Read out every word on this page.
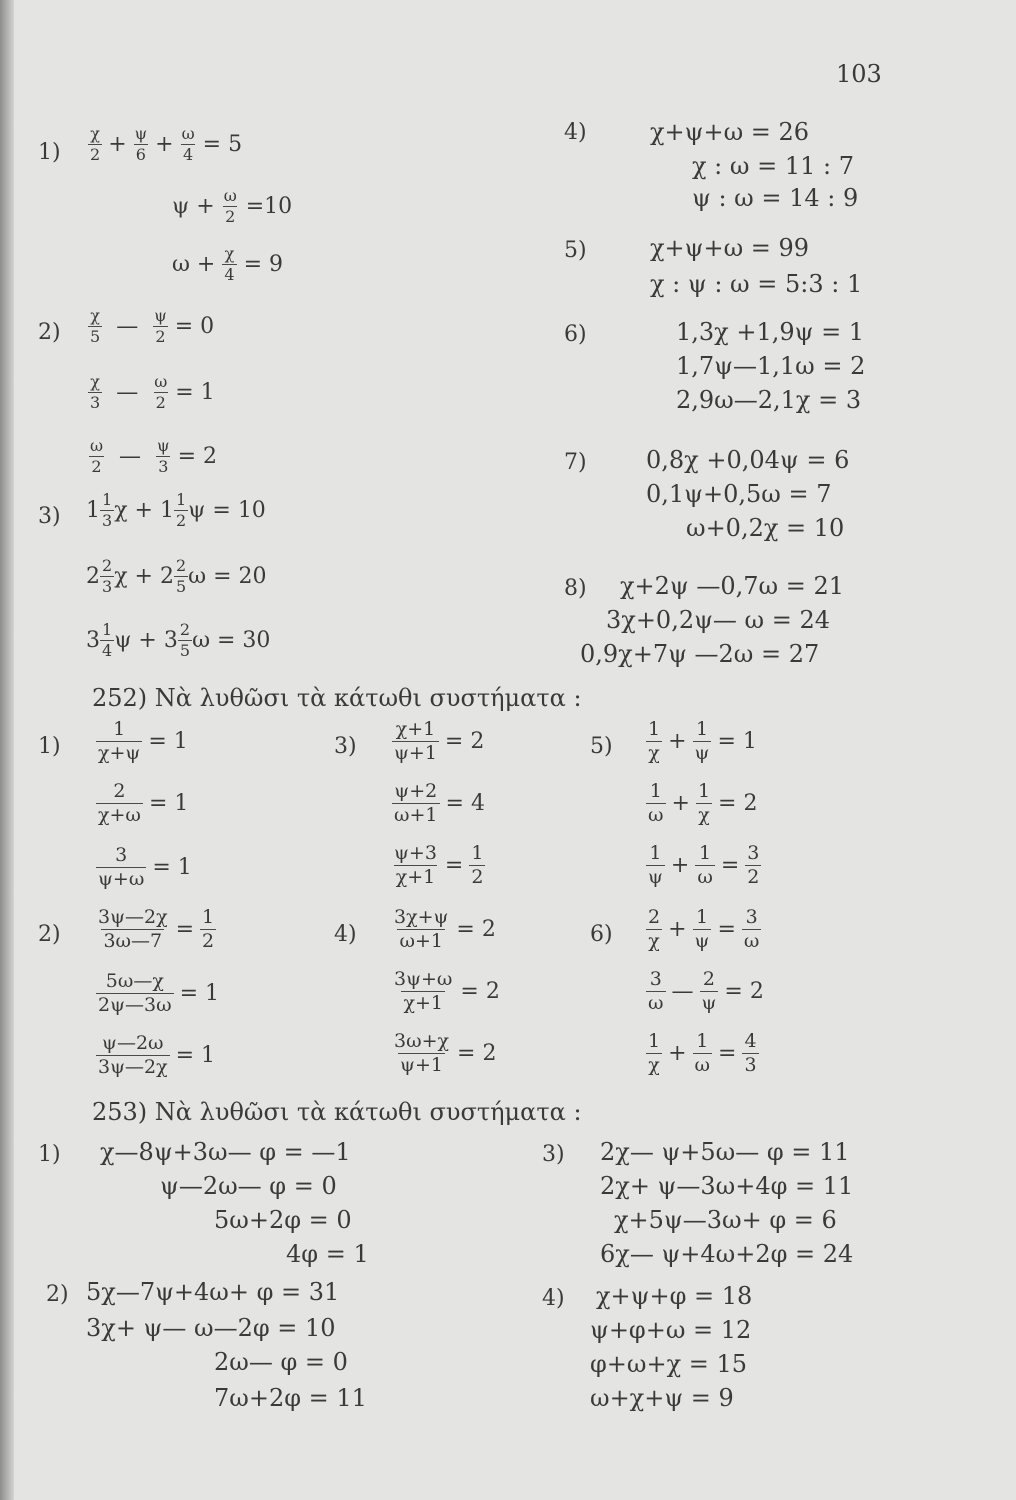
103
$1) \frac{\chi}{2} + \frac{\psi}{6} + \frac{\omega}{4} = 5$
ψ +
$\frac{\omega}{2}$
=10
ω +
$\frac{\chi}{4}$
= 9
$2) \frac{\chi}{5}$ — $\frac{\psi}{2} = 0$
$\frac{\chi}{3}$ — $\frac{\omega}{2} = 1$
$\frac{\omega}{2}$ — $\frac{\psi}{3} = 2$
3) $1 \frac{1}{3}$ χ +
$1 \frac{1}{2}$ ψ = 10
$2 \frac{2}{3}$ χ +
$2 \frac{2}{5}$ ω = 20
$3 \frac{1}{4}$ ψ +
$3 \frac{2}{5}$ ω = 30
4)	χ+ψ+ω = 26
χ : ω = 11 : 7
ψ : ω = 14 : 9
5)	χ+ψ+ω = 99
χ : ψ : ω = 5:3 : 1
6)	1,3χ +1,9ψ = 1
1,7ψ—1,1ω = 2
2,9ω—2,1χ = 3
7) 0,8χ +0,04ψ = 6
0,1ψ+0,5ω = 7
ω+0,2χ = 10
8) χ+2ψ —0,7ω = 21
3χ+0,2ψ— ω = 24
0,9χ+7ψ —2ω = 27
252) Νὰ λυθῶσι τὰ κάτωθι συστήματα :
$1) \frac{1}{\chi+\psi} = 1$
$\frac{2}{\chi+\omega} = 1$
$\frac{3}{\psi+\omega} = 1$
$2) \frac{3\psi—2\chi}{3\omega—7} = \frac{1}{2}$
$\frac{5\omega—\chi}{2\psi—3\omega} = 1$
$\frac{\psi—2\omega}{3\psi—2\chi} = 1$
$3) \frac{\chi+1}{\psi+1} = 2$
$\frac{\psi+2}{\omega+1} = 4$
$\frac{\psi+3}{\chi+1} = \frac{1}{2}$
$4) \frac{3\chi+\psi}{\omega+1} = 2$
$\frac{3\psi+\omega}{\chi+1} = 2$
$\frac{3\omega+\chi}{\psi+1} = 2$
$5) \frac{1}{\chi} + \frac{1}{\psi} = 1$
$\frac{1}{\omega} + \frac{1}{\chi} = 2$
$\frac{1}{\psi} + \frac{1}{\omega} = \frac{3}{2}$
$6) \frac{2}{\chi} + \frac{1}{\psi} = \frac{3}{\omega}$
$\frac{3}{\omega}$ — $\frac{2}{\psi} = 2$
$\frac{1}{\chi} + \frac{1}{\omega} = \frac{4}{3}$
253) Νὰ λυθῶσι τὰ κάτωθι συστήματα :
1) χ—8ψ+3ω— φ = —1
ψ—2ω— φ = 0
5ω+2φ = 0
4φ = 1
2) 5χ—7ψ+4ω+ φ = 31
3χ+ ψ— ω—2φ = 10
2ω— φ = 0
7ω+2φ = 11
3) 2χ— ψ+5ω— φ = 11
2χ+ ψ—3ω+4φ = 11
χ+5ψ—3ω+ φ = 6
6χ— ψ+4ω+2φ = 24
4) χ+ψ+φ = 18
ψ+φ+ω = 12
φ+ω+χ = 15
ω+χ+ψ = 9
